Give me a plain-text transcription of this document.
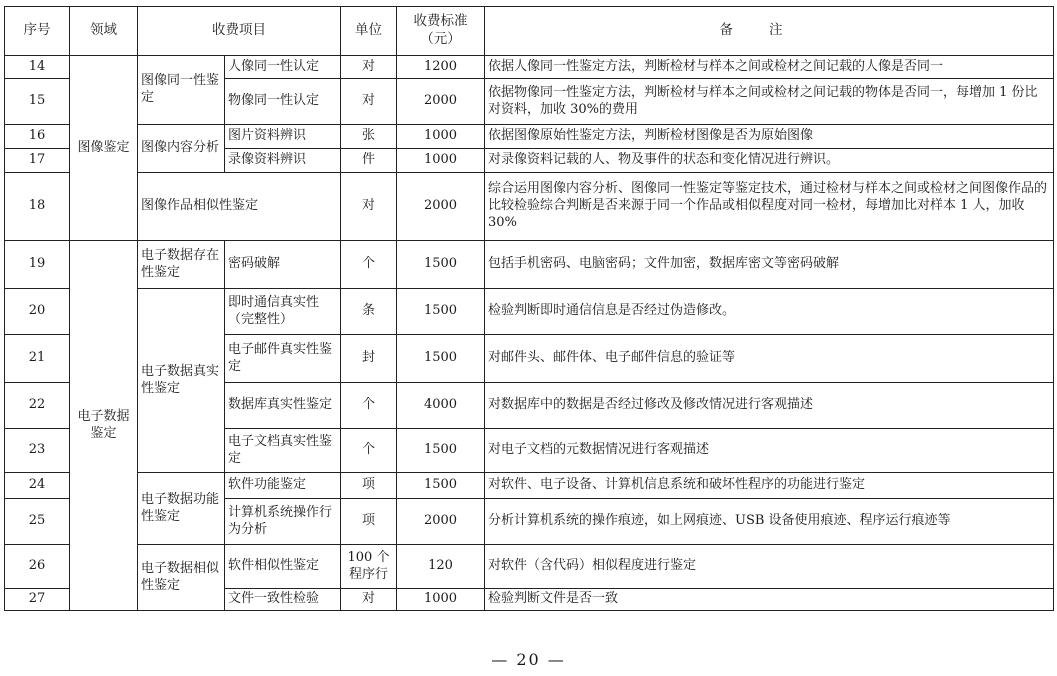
序号	领域	收费项目		单位	收费标准（元）	备注
14	图像鉴定	图像同一性鉴定	人像同一性认定	对	1200	依据人像同一性鉴定方法，判断检材与样本之间或检材之间记载的人像是否同一
15			物像同一性认定	对	2000	依据物像同一性鉴定方法，判断检材与样本之间或检材之间记载的物体是否同一，每增加 1 份比对资料，加收 30%的费用
16		图像内容分析	图片资料辨识	张	1000	依据图像原始性鉴定方法，判断检材图像是否为原始图像
17			录像资料辨识	件	1000	对录像资料记载的人、物及事件的状态和变化情况进行辨识。
18		图像作品相似性鉴定		对	2000	综合运用图像内容分析、图像同一性鉴定等鉴定技术，通过检材与样本之间或检材之间图像作品的比较检验综合判断是否来源于同一个作品或相似程度对同一检材，每增加比对样本 1 人，加收 30%
19	电子数据鉴定	电子数据存在性鉴定	密码破解	个	1500	包括手机密码、电脑密码；文件加密，数据库密文等密码破解
20		电子数据真实性鉴定	即时通信真实性（完整性）	条	1500	检验判断即时通信信息是否经过伪造修改。
21			电子邮件真实性鉴定	封	1500	对邮件头、邮件体、电子邮件信息的验证等
22			数据库真实性鉴定	个	4000	对数据库中的数据是否经过修改及修改情况进行客观描述
23			电子文档真实性鉴定	个	1500	对电子文档的元数据情况进行客观描述
24		电子数据功能性鉴定	软件功能鉴定	项	1500	对软件、电子设备、计算机信息系统和破坏性程序的功能进行鉴定
25			计算机系统操作行为分析	项	2000	分析计算机系统的操作痕迹，如上网痕迹、USB 设备使用痕迹、程序运行痕迹等
26		电子数据相似性鉴定	软件相似性鉴定	100 个程序行	120	对软件（含代码）相似程度进行鉴定
27			文件一致性检验	对	1000	检验判断文件是否一致
— 20 —
